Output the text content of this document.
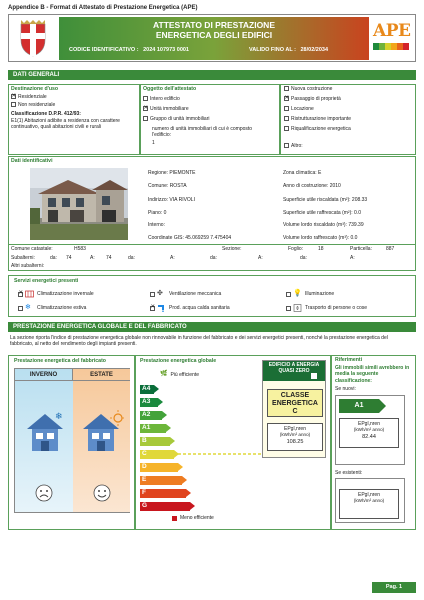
Appendice B - Format di Attestato di Prestazione Energetica (APE)
ATTESTATO DI PRESTAZIONE
ENERGETICA DEGLI EDIFICI
CODICE IDENTIFICATIVO : 2024 107973 0001	VALIDO FINO AL : 28/02/2034
APE
DATI GENERALI
Destinazione d'uso
✕Residenziale
Non residenziale
Classificazione D.P.R. 412/93:
E1(1) Abitazioni adibite a residenza con carattere continuativo, quali abitazioni civili e rurali
Oggetto dell'attestato
Intero edificio
✕Unità immobiliare
Gruppo di unità immobiliari
numero di unità immobiliari di cui è composto l'edificio:
1
Nuova costruzione
✕Passaggio di proprietà
Locazione
Ristrutturazione importante
Riqualificazione energetica
Altro:
Dati identificativi
Regione: PIEMONTE
Comune: ROSTA
Indirizzo: VIA RIVOLI
Piano: 0
Interno:
Coordinate GIS: 45.069259 7.475404
Zona climatica: E
Anno di costruzione: 2010
Superficie utile riscaldata (m²): 208.33
Superficie utile raffrescata (m²): 0.0
Volume lordo riscaldato (m³): 739.39
Volume lordo raffrescato (m³): 0.0
Comune catastale:	H583	Sezione:	Foglio:	18	Particella:	887
Subalterni:	da: 74	A: 74	da:	A:	da:	A:	da:	A:
Altri subalterni:
Servizi energetici presenti
✕
Climatizzazione invernale
❄	Climatizzazione estiva
✤	Ventilazione meccanica
✕
Prod. acqua calda sanitaria
💡 Illuminazione
Trasporto di persone o cose
PRESTAZIONE ENERGETICA GLOBALE E DEL FABBRICATO
La sezione riporta l'indice di prestazione energetica globale non rinnovabile in funzione del fabbricato e dei servizi energetici presenti, nonché la prestazione energetica del fabbricato, al netto del rendimento degli impianti presenti.
Prestazione energetica del fabbricato
INVERNO	ESTATE
❄
Prestazione energetica globale
🌿 Più efficiente
A4
A3
A2
A1
B
C
D
E
F
G
Meno efficiente
EDIFICIO A ENERGIA QUASI ZERO
CLASSE ENERGETICA
C
EPgl,nren
(kWh/m² anno)
108.25
Riferimenti
Gli immobili simili avrebbero in media la seguente classificazione:
Se nuovi:
A1
EPgl,nren
(kWh/m² anno)
82.44
Se esistenti:
EPgl,nren
(kWh/m² anno)
Pag. 1
